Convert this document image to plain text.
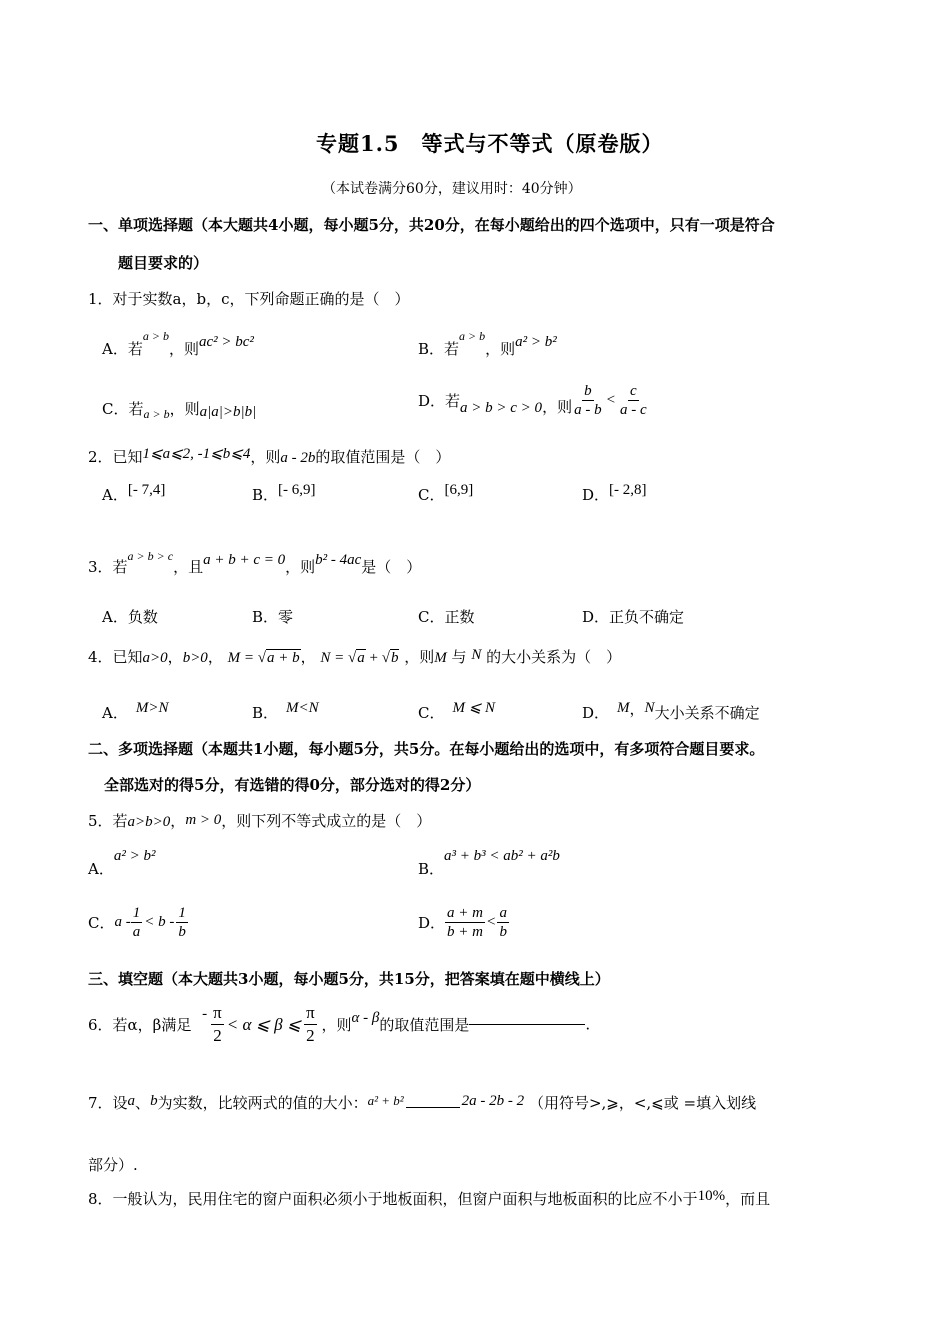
专题1.5　等式与不等式（原卷版）
（本试卷满分60分，建议用时：40分钟）
一、单项选择题（本大题共4小题，每小题5分，共20分，在每小题给出的四个选项中，只有一项是符合
题目要求的）
1．对于实数a，b，c，下列命题正确的是（　）
A．若$^{a > b}$，则ac² > bc²	B．若$^{a > b}$，则a² > b²
C．若$_{a > b}$，则a|a|>b|b|
D．若a > b > c > 0，则 $\frac{b}{a - b} < \frac{c}{a - c}$
2．已知1⩽a⩽2, -1⩽b⩽4，则a - 2b的取值范围是（　）
A．[- 7,4]	B．[- 6,9]	C．[6,9]	D．[- 2,8]
3．若$^{a > b > c}$，且a + b + c = 0，则b² - 4ac是（　）
A．负数	B．零	C．正数	D．正负不确定
4．已知a>0，b>0， M = √a + b， N = √a + √b ，则M 与 N 的大小关系为（　）
A． M>N	B． M<N	C． M ⩽ N	D． M，N大小关系不确定
二、多项选择题（本题共1小题，每小题5分，共5分。在每小题给出的选项中，有多项符合题目要求。
全部选对的得5分，有选错的得0分，部分选对的得2分）
5．若a>b>0，m > 0，则下列不等式成立的是（　）
A．a² > b²
B．a³ + b³ < ab² + a²b
C．$a - \frac{1}{a} < b - \frac{1}{b}$	D． $\frac{a + m}{b + m} < \frac{a}{b}$
三、填空题（本大题共3小题，每小题5分，共15分，把答案填在题中横线上）
6．若α，β满足 - $\frac{\pi}{2} < \alpha$ ⩽ β ⩽ $\frac{\pi}{2}$ ，则α - β的取值范围是	.
7．设a、b为实数，比较两式的值的大小：a² + b²	2a - 2b - 2 （用符号>,⩾，<,⩽或 =填入划线
部分）.
8．一般认为，民用住宅的窗户面积必须小于地板面积，但窗户面积与地板面积的比应不小于10%，而且
